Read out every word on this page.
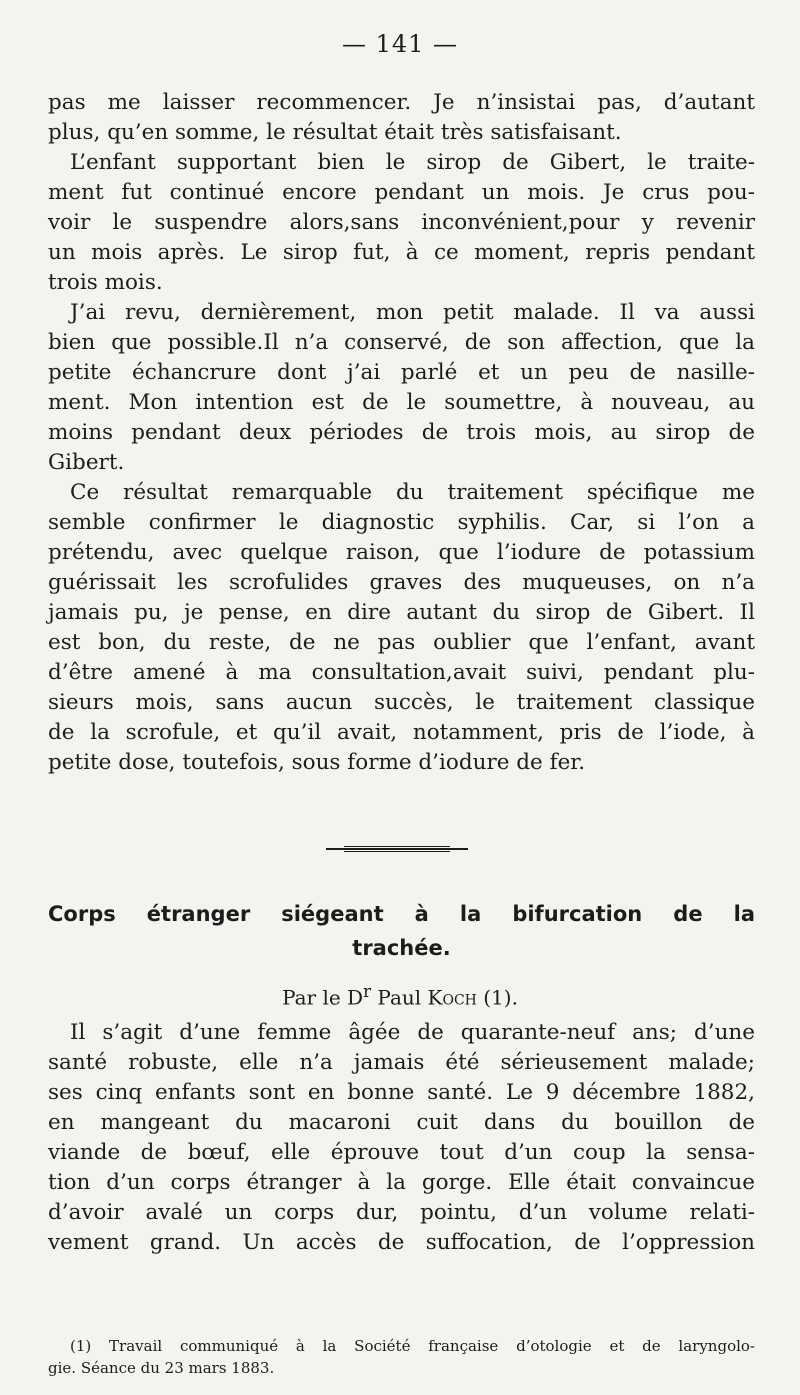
— 141 —

pas me laisser recommencer. Je n’insistai pas, d’autant
plus, qu’en somme, le résultat était très satisfaisant.

L’enfant supportant bien le sirop de Gibert, le traite-
ment fut continué encore pendant un mois. Je crus pou-
voir le suspendre alors,sans inconvénient,pour y revenir
un mois après. Le sirop fut, à ce moment, repris pendant
trois mois.

J’ai revu, dernièrement, mon petit malade. Il va aussi
bien que possible.Il n’a conservé, de son affection, que la
petite échancrure dont j’ai parlé et un peu de nasille-
ment. Mon intention est de le soumettre, à nouveau, au
moins pendant deux périodes de trois mois, au sirop de
Gibert.

Ce résultat remarquable du traitement spécifique me
semble confirmer le diagnostic syphilis. Car, si l’on a
prétendu, avec quelque raison, que l’iodure de potassium
guérissait les scrofulides graves des muqueuses, on n’a
jamais pu, je pense, en dire autant du sirop de Gibert. Il
est bon, du reste, de ne pas oublier que l’enfant, avant
d’être amené à ma consultation,avait suivi, pendant plu-
sieurs mois, sans aucun succès, le traitement classique
de la scrofule, et qu’il avait, notamment, pris de l’iode, à
petite dose, toutefois, sous forme d’iodure de fer.

Corps étranger siégeant à la bifurcation de la
trachée.
Par le $D^r$ Paul Koch (1).

Il s’agit d’une femme âgée de quarante-neuf ans; d’une
santé robuste, elle n’a jamais été sérieusement malade;
ses cinq enfants sont en bonne santé. Le 9 décembre 1882,
en mangeant du macaroni cuit dans du bouillon de
viande de bœuf, elle éprouve tout d’un coup la sensa-
tion d’un corps étranger à la gorge. Elle était convaincue
d’avoir avalé un corps dur, pointu, d’un volume relati-
vement grand. Un accès de suffocation, de l’oppression

(1) Travail communiqué à la Société française d’otologie et de laryngolo-
gie. Séance du 23 mars 1883.
